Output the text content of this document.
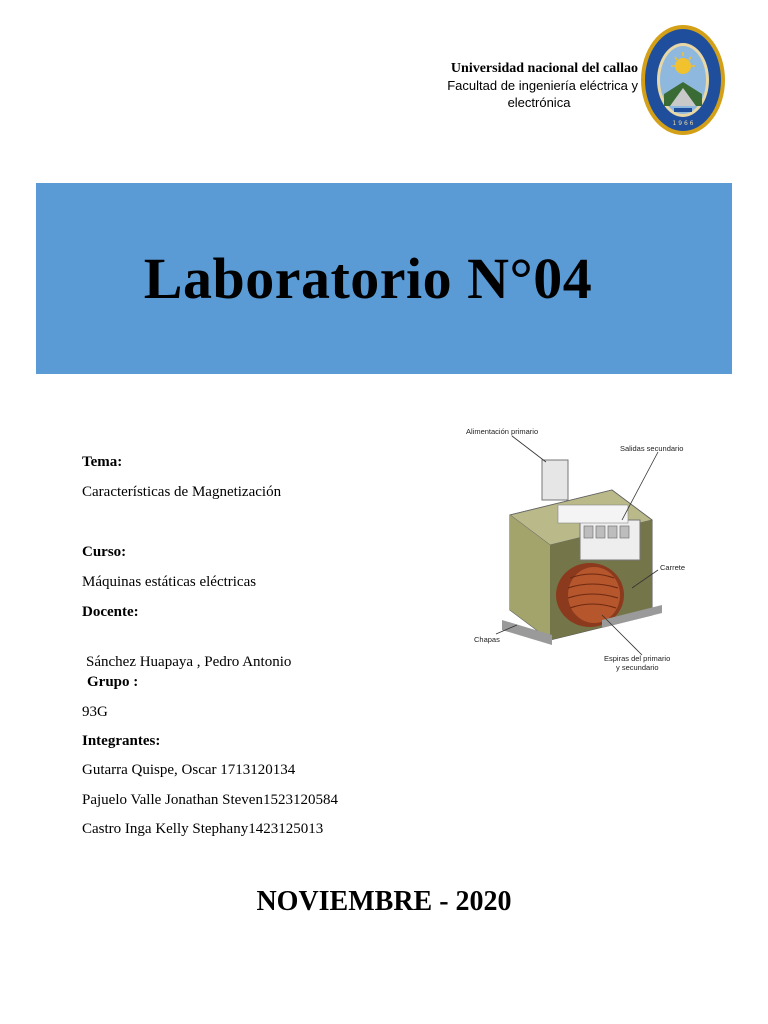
Universidad nacional del callao
Facultad de ingeniería eléctrica y
electrónica
1 9 6 6
Laboratorio N°04
Tema:
Características de Magnetización
Curso:
Máquinas estáticas eléctricas
Docente:
Sánchez Huapaya , Pedro Antonio
Grupo :
93G
Integrantes:
Gutarra Quispe, Oscar 1713120134
Pajuelo Valle Jonathan Steven1523120584
Castro Inga Kelly Stephany1423125013
Alimentación primario
Salidas secundario
Carrete
Chapas
Espiras del primario
y secundario
NOVIEMBRE - 2020
